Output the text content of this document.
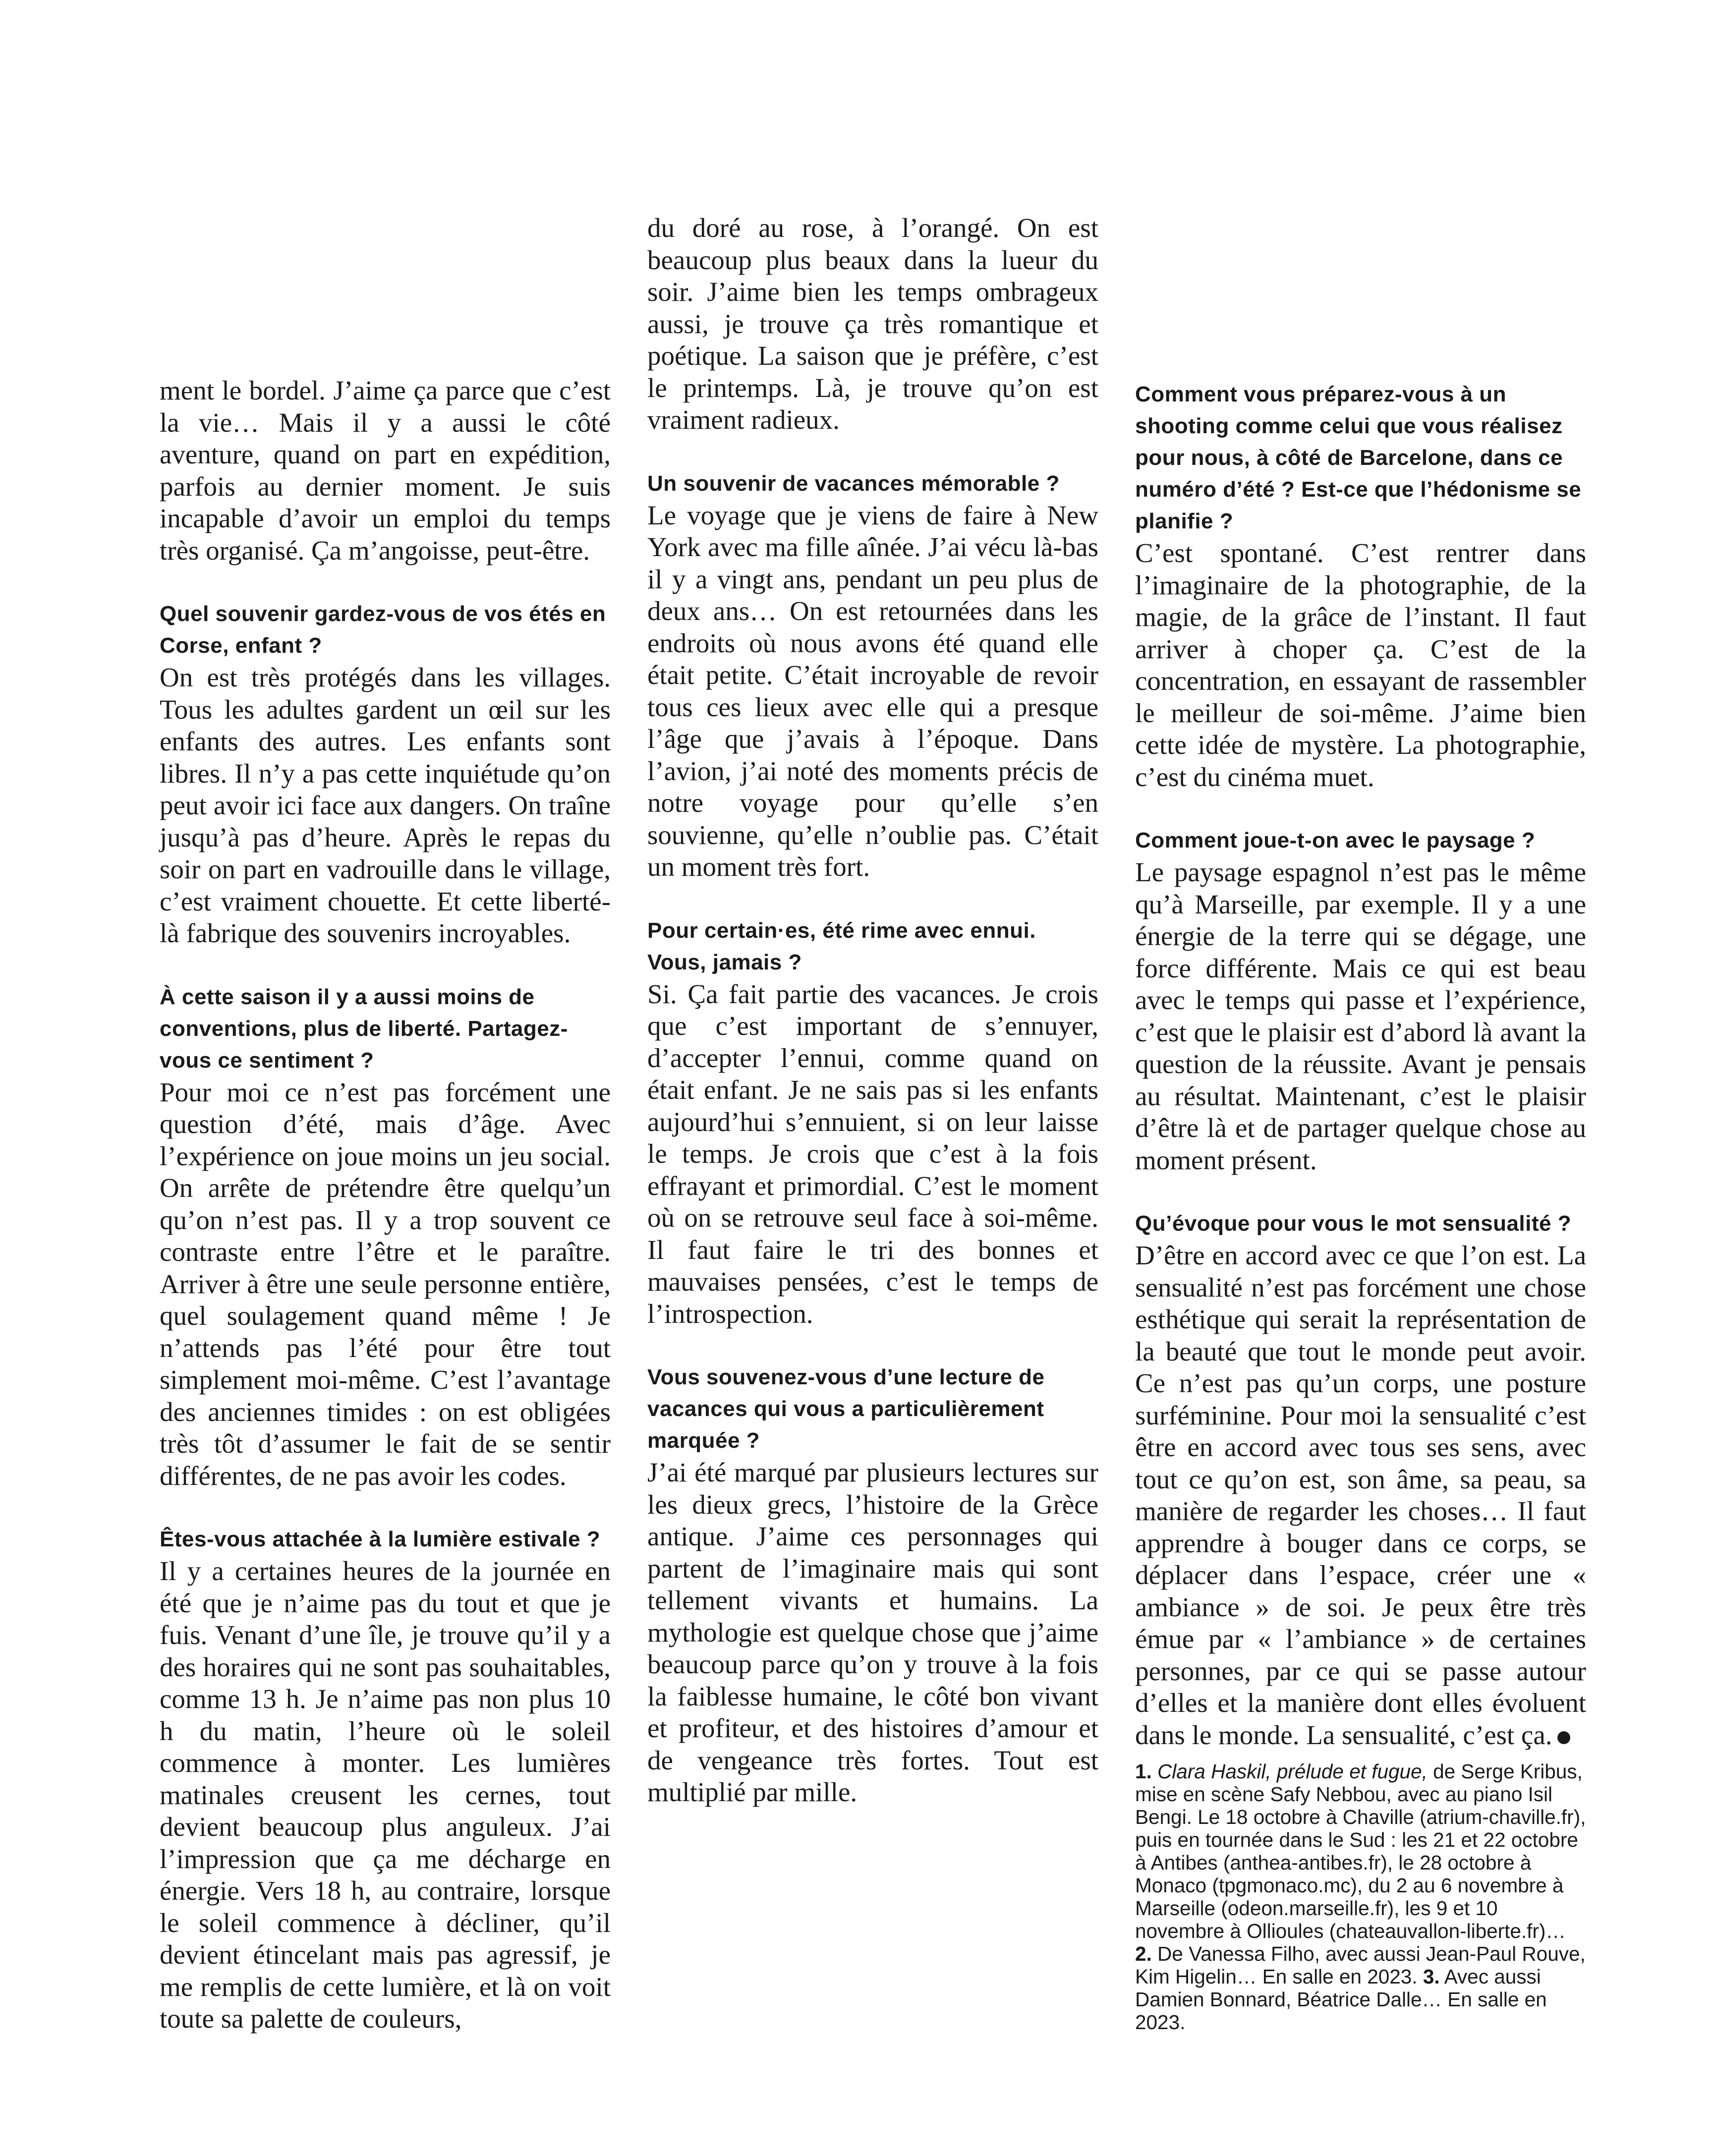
ment le bordel. J’aime ça parce que c’est la vie… Mais il y a aussi le côté aventure, quand on part en expédition, parfois au dernier moment. Je suis incapable d’avoir un emploi du temps très organisé. Ça m’angoisse, peut-être.

Quel souvenir gardez-vous de vos étés en Corse, enfant ?

On est très protégés dans les villages. Tous les adultes gardent un œil sur les enfants des autres. Les enfants sont libres. Il n’y a pas cette inquiétude qu’on peut avoir ici face aux dangers. On traîne jusqu’à pas d’heure. Après le repas du soir on part en vadrouille dans le village, c’est vraiment chouette. Et cette liberté-là fabrique des souvenirs incroyables.

À cette saison il y a aussi moins de conventions, plus de liberté. Partagez-vous ce sentiment ?

Pour moi ce n’est pas forcément une question d’été, mais d’âge. Avec l’expérience on joue moins un jeu social. On arrête de prétendre être quelqu’un qu’on n’est pas. Il y a trop souvent ce contraste entre l’être et le paraître. Arriver à être une seule personne entière, quel soulagement quand même ! Je n’attends pas l’été pour être tout simplement moi-même. C’est l’avantage des anciennes timides : on est obligées très tôt d’assumer le fait de se sentir différentes, de ne pas avoir les codes.

Êtes-vous attachée à la lumière estivale ?

Il y a certaines heures de la journée en été que je n’aime pas du tout et que je fuis. Venant d’une île, je trouve qu’il y a des horaires qui ne sont pas souhaitables, comme 13 h. Je n’aime pas non plus 10 h du matin, l’heure où le soleil commence à monter. Les lumières matinales creusent les cernes, tout devient beaucoup plus anguleux. J’ai l’impression que ça me décharge en énergie. Vers 18 h, au contraire, lorsque le soleil commence à décliner, qu’il devient étincelant mais pas agressif, je me remplis de cette lumière, et là on voit toute sa palette de couleurs,

du doré au rose, à l’orangé. On est beaucoup plus beaux dans la lueur du soir. J’aime bien les temps ombrageux aussi, je trouve ça très romantique et poétique. La saison que je préfère, c’est le printemps. Là, je trouve qu’on est vraiment radieux.

Un souvenir de vacances mémorable ?

Le voyage que je viens de faire à New York avec ma fille aînée. J’ai vécu là-bas il y a vingt ans, pendant un peu plus de deux ans… On est retournées dans les endroits où nous avons été quand elle était petite. C’était incroyable de revoir tous ces lieux avec elle qui a presque l’âge que j’avais à l’époque. Dans l’avion, j’ai noté des moments précis de notre voyage pour qu’elle s’en souvienne, qu’elle n’oublie pas. C’était un moment très fort.

Pour certain·es, été rime avec ennui. Vous, jamais ?

Si. Ça fait partie des vacances. Je crois que c’est important de s’ennuyer, d’accepter l’ennui, comme quand on était enfant. Je ne sais pas si les enfants aujourd’hui s’ennuient, si on leur laisse le temps. Je crois que c’est à la fois effrayant et primordial. C’est le moment où on se retrouve seul face à soi-même. Il faut faire le tri des bonnes et mauvaises pensées, c’est le temps de l’introspection.

Vous souvenez-vous d’une lecture de vacances qui vous a particulièrement marquée ?

J’ai été marqué par plusieurs lectures sur les dieux grecs, l’histoire de la Grèce antique. J’aime ces personnages qui partent de l’imaginaire mais qui sont tellement vivants et humains. La mythologie est quelque chose que j’aime beaucoup parce qu’on y trouve à la fois la faiblesse humaine, le côté bon vivant et profiteur, et des histoires d’amour et de vengeance très fortes. Tout est multiplié par mille.

Comment vous préparez-vous à un shooting comme celui que vous réalisez pour nous, à côté de Barcelone, dans ce numéro d’été ? Est-ce que l’hédonisme se planifie ?

C’est spontané. C’est rentrer dans l’imaginaire de la photographie, de la magie, de la grâce de l’instant. Il faut arriver à choper ça. C’est de la concentration, en essayant de rassembler le meilleur de soi-même. J’aime bien cette idée de mystère. La photographie, c’est du cinéma muet.

Comment joue-t-on avec le paysage ?

Le paysage espagnol n’est pas le même qu’à Marseille, par exemple. Il y a une énergie de la terre qui se dégage, une force différente. Mais ce qui est beau avec le temps qui passe et l’expérience, c’est que le plaisir est d’abord là avant la question de la réussite. Avant je pensais au résultat. Maintenant, c’est le plaisir d’être là et de partager quelque chose au moment présent.

Qu’évoque pour vous le mot sensualité ?

D’être en accord avec ce que l’on est. La sensualité n’est pas forcément une chose esthétique qui serait la représentation de la beauté que tout le monde peut avoir. Ce n’est pas qu’un corps, une posture surféminine. Pour moi la sensualité c’est être en accord avec tous ses sens, avec tout ce qu’on est, son âme, sa peau, sa manière de regarder les choses… Il faut apprendre à bouger dans ce corps, se déplacer dans l’espace, créer une « ambiance » de soi. Je peux être très émue par « l’ambiance » de certaines personnes, par ce qui se passe autour d’elles et la manière dont elles évoluent dans le monde. La sensualité, c’est ça.

1. Clara Haskil, prélude et fugue, de Serge Kribus, mise en scène Safy Nebbou, avec au piano Isil Bengi. Le 18 octobre à Chaville (atrium-chaville.fr), puis en tournée dans le Sud : les 21 et 22 octobre à Antibes (anthea-antibes.fr), le 28 octobre à Monaco (tpgmonaco.mc), du 2 au 6 novembre à Marseille (odeon.marseille.fr), les 9 et 10 novembre à Ollioules (chateauvallon-liberte.fr)… 2. De Vanessa Filho, avec aussi Jean-Paul Rouve, Kim Higelin… En salle en 2023. 3. Avec aussi Damien Bonnard, Béatrice Dalle… En salle en 2023.
